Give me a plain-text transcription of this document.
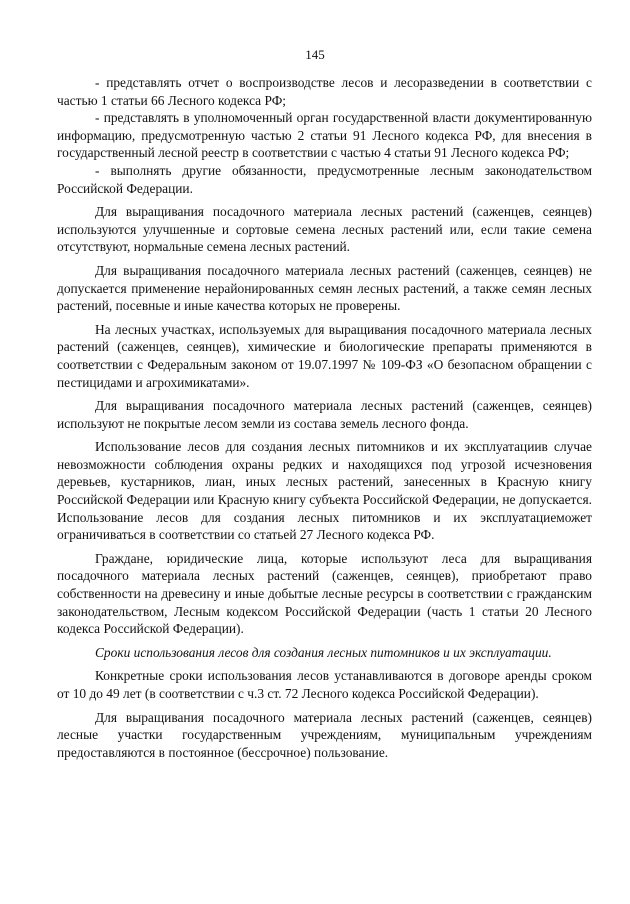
145

- представлять отчет о воспроизводстве лесов и лесоразведении в соответствии с частью 1 статьи 66 Лесного кодекса РФ;

- представлять в уполномоченный орган государственной власти документированную информацию, предусмотренную частью 2 статьи 91 Лесного кодекса РФ, для внесения в государственный лесной реестр в соответствии с частью 4 статьи 91 Лесного кодекса РФ;

- выполнять другие обязанности, предусмотренные лесным законодательством Российской Федерации.

Для выращивания посадочного материала лесных растений (саженцев, сеянцев) используются улучшенные и сортовые семена лесных растений или, если такие семена отсутствуют, нормальные семена лесных растений.

Для выращивания посадочного материала лесных растений (саженцев, сеянцев) не допускается применение нерайонированных семян лесных растений, а также семян лесных растений, посевные и иные качества которых не проверены.

На лесных участках, используемых для выращивания посадочного материала лесных растений (саженцев, сеянцев), химические и биологические препараты применяются в соответствии с Федеральным законом от 19.07.1997 № 109-ФЗ «О безопасном обращении с пестицидами и агрохимикатами».

Для выращивания посадочного материала лесных растений (саженцев, сеянцев) используют не покрытые лесом земли из состава земель лесного фонда.

Использование лесов для создания лесных питомников и их эксплуатациив случае невозможности соблюдения охраны редких и находящихся под угрозой исчезновения деревьев, кустарников, лиан, иных лесных растений, занесенных в Красную книгу Российской Федерации или Красную книгу субъекта Российской Федерации, не допускается. Использование лесов для создания лесных питомников и их эксплуатациеможет ограничиваться в соответствии со статьей 27 Лесного кодекса РФ.

Граждане, юридические лица, которые используют леса для выращивания посадочного материала лесных растений (саженцев, сеянцев), приобретают право собственности на древесину и иные добытые лесные ресурсы в соответствии с гражданским законодательством, Лесным кодексом Российской Федерации (часть 1 статьи 20 Лесного кодекса Российской Федерации).

Сроки использования лесов для создания лесных питомников и их эксплуатации.

Конкретные сроки использования лесов устанавливаются в договоре аренды сроком от 10 до 49 лет (в соответствии с ч.3 ст. 72 Лесного кодекса Российской Федерации).

Для выращивания посадочного материала лесных растений (саженцев, сеянцев) лесные участки государственным учреждениям, муниципальным учреждениям предоставляются в постоянное (бессрочное) пользование.
